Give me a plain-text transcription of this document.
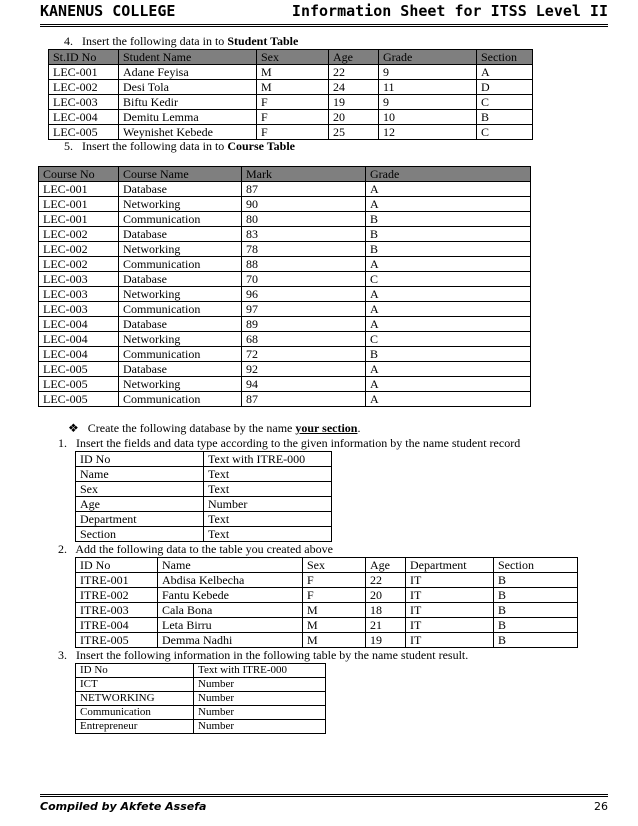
KANENUS COLLEGE	Information Sheet for ITSS Level II
4. Insert the following data in to Student Table
St.ID No	Student Name	Sex	Age	Grade	Section
LEC-001	Adane Feyisa	M	22	9	A
LEC-002	Desi Tola	M	24	11	D
LEC-003	Biftu Kedir	F	19	9	C
LEC-004	Demitu Lemma	F	20	10	B
LEC-005	Weynishet Kebede	F	25	12	C
5. Insert the following data in to Course Table
Course No	Course Name	Mark	Grade
LEC-001	Database	87	A
LEC-001	Networking	90	A
LEC-001	Communication	80	B
LEC-002	Database	83	B
LEC-002	Networking	78	B
LEC-002	Communication	88	A
LEC-003	Database	70	C
LEC-003	Networking	96	A
LEC-003	Communication	97	A
LEC-004	Database	89	A
LEC-004	Networking	68	C
LEC-004	Communication	72	B
LEC-005	Database	92	A
LEC-005	Networking	94	A
LEC-005	Communication	87	A
❖ Create the following database by the name your section.
1. Insert the fields and data type according to the given information by the name student record
ID No	Text with ITRE-000
Name	Text
Sex	Text
Age	Number
Department	Text
Section	Text
2. Add the following data to the table you created above
ID No	Name	Sex	Age	Department	Section
ITRE-001	Abdisa Kelbecha	F	22	IT	B
ITRE-002	Fantu Kebede	F	20	IT	B
ITRE-003	Cala Bona	M	18	IT	B
ITRE-004	Leta Birru	M	21	IT	B
ITRE-005	Demma Nadhi	M	19	IT	B
3. Insert the following information in the following table by the name student result.
ID No	Text with ITRE-000
ICT	Number
NETWORKING	Number
Communication	Number
Entrepreneur	Number
Compiled by Akfete Assefa	26
